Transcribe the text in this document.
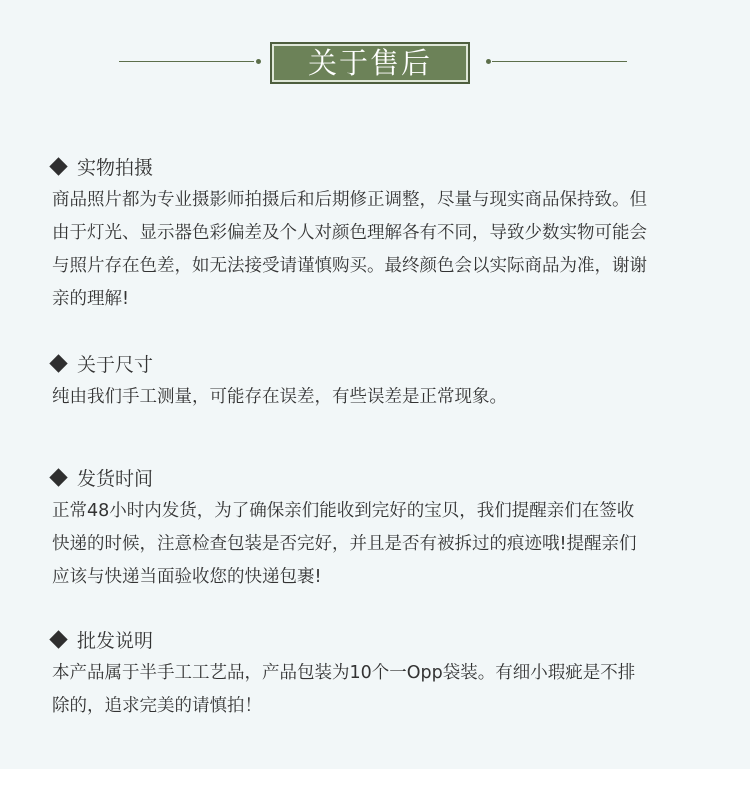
关于售后
实物拍摄
商品照片都为专业摄影师拍摄后和后期修正调整，尽量与现实商品保持致。但
由于灯光、显示器色彩偏差及个人对颜色理解各有不同，导致少数实物可能会
与照片存在色差，如无法接受请谨慎购买。最终颜色会以实际商品为准，谢谢
亲的理解!
关于尺寸
纯由我们手工测量，可能存在误差，有些误差是正常现象。
发货时间
正常48小时内发货，为了确保亲们能收到完好的宝贝，我们提醒亲们在签收
快递的时候，注意检查包装是否完好，并且是否有被拆过的痕迹哦!提醒亲们
应该与快递当面验收您的快递包裹!
批发说明
本产品属于半手工工艺品，产品包装为10个一Opp袋装。有细小瑕疵是不排
除的，追求完美的请慎拍！
